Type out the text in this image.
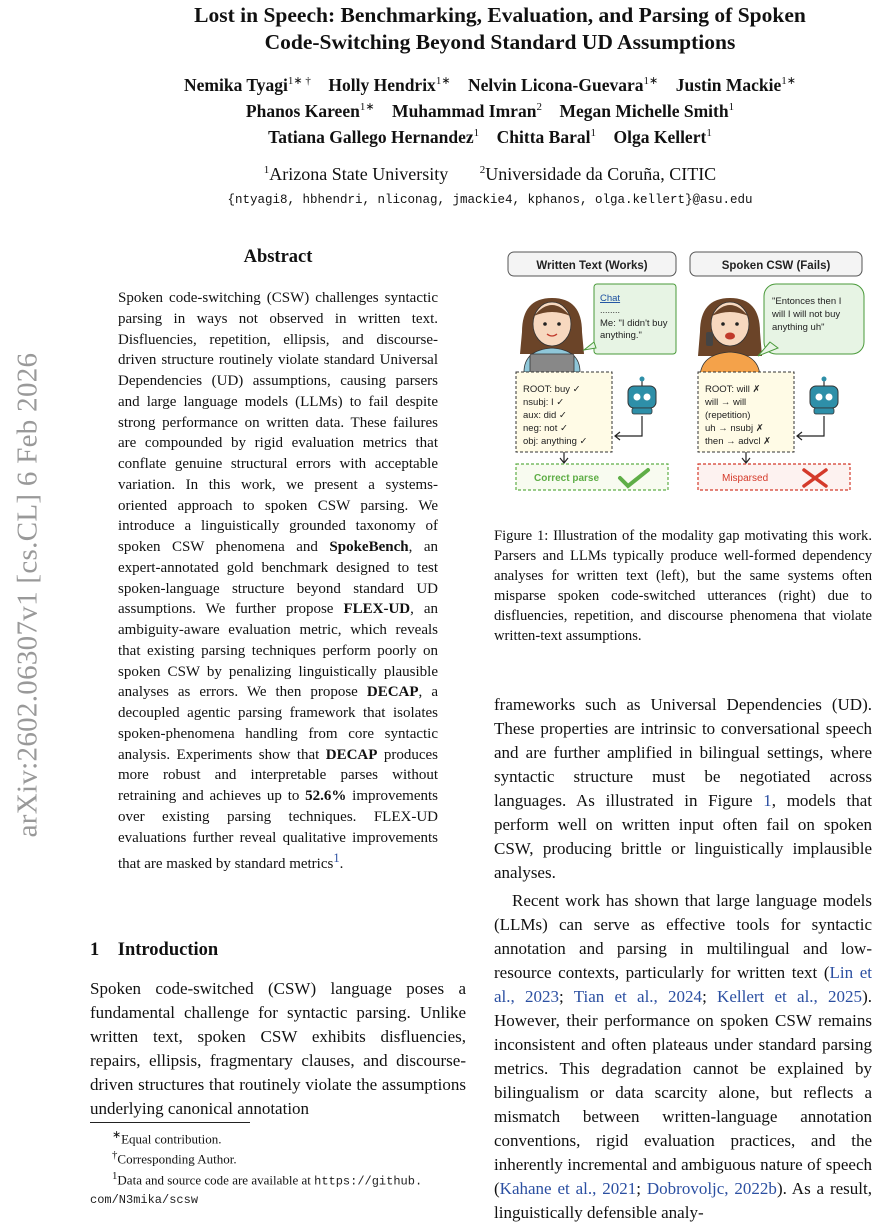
arXiv:2602.06307v1 [cs.CL] 6 Feb 2026
Lost in Speech: Benchmarking, Evaluation, and Parsing of Spoken
Code-Switching Beyond Standard UD Assumptions
Nemika Tyagi$^{1∗ \dagger}$ Holly Hendrix$^{1∗}$ Nelvin Licona-Guevara$^{1∗}$ Justin Mackie$^{1∗}$
Phanos Kareen$^{1∗}$ Muhammad Imran$^2$ Megan Michelle Smith$^1$
Tatiana Gallego Hernandez$^1$ Chitta Baral$^1$ Olga Kellert$^1$
$^1$Arizona State University	$^2$Universidade da Coruña, CITIC
{ntyagi8, hbhendri, nliconag, jmackie4, kphanos, olga.kellert}@asu.edu
Abstract
Spoken code-switching (CSW) challenges syntactic parsing in ways not observed in written text. Disfluencies, repetition, ellipsis, and discourse-driven structure routinely violate standard Universal Dependencies (UD) assumptions, causing parsers and large language models (LLMs) to fail despite strong performance on written data. These failures are compounded by rigid evaluation metrics that conflate genuine structural errors with acceptable variation. In this work, we present a systems-oriented approach to spoken CSW parsing. We introduce a linguistically grounded taxonomy of spoken CSW phenomena and SpokeBench, an expert-annotated gold benchmark designed to test spoken-language structure beyond standard UD assumptions. We further propose FLEX-UD, an ambiguity-aware evaluation metric, which reveals that existing parsing techniques perform poorly on spoken CSW by penalizing linguistically plausible analyses as errors. We then propose DECAP, a decoupled agentic parsing framework that isolates spoken-phenomena handling from core syntactic analysis. Experiments show that DECAP produces more robust and interpretable parses without retraining and achieves up to 52.6% improvements over existing parsing techniques. FLEX-UD evaluations further reveal qualitative improvements that are masked by standard metrics$^1$.
1 Introduction
Spoken code-switched (CSW) language poses a fundamental challenge for syntactic parsing. Unlike written text, spoken CSW exhibits disfluencies, repairs, ellipsis, fragmentary clauses, and discourse-driven structures that routinely violate the assumptions underlying canonical annotation
∗Equal contribution.
†Corresponding Author.
$^1$Data and source code are available at https://github.
com/N3mika/scsw
Written Text (Works)	Spoken CSW (Fails)
Chat
........
Me: "I didn't buy
anything."
"Entonces then I
will I will not buy
anything uh"
ROOT: buy ✓
nsubj: I ✓
aux: did ✓
neg: not ✓
obj: anything ✓
ROOT: will ✗
will → will
(repetition)
uh → nsubj ✗
then → advcl ✗
Correct parse	Misparsed
Figure 1: Illustration of the modality gap motivating this work. Parsers and LLMs typically produce well-formed dependency analyses for written text (left), but the same systems often misparse spoken code-switched utterances (right) due to disfluencies, repetition, and discourse phenomena that violate written-text assumptions.
frameworks such as Universal Dependencies (UD). These properties are intrinsic to conversational speech and are further amplified in bilingual settings, where syntactic structure must be negotiated across languages. As illustrated in Figure 1, models that perform well on written input often fail on spoken CSW, producing brittle or linguistically implausible analyses.
Recent work has shown that large language models (LLMs) can serve as effective tools for syntactic annotation and parsing in multilingual and low-resource contexts, particularly for written text (Lin et al., 2023; Tian et al., 2024; Kellert et al., 2025). However, their performance on spoken CSW remains inconsistent and often plateaus under standard parsing metrics. This degradation cannot be explained by bilingualism or data scarcity alone, but reflects a mismatch between written-language annotation conventions, rigid evaluation practices, and the inherently incremental and ambiguous nature of speech (Kahane et al., 2021; Dobrovoljc, 2022b). As a result, linguistically defensible analy-
